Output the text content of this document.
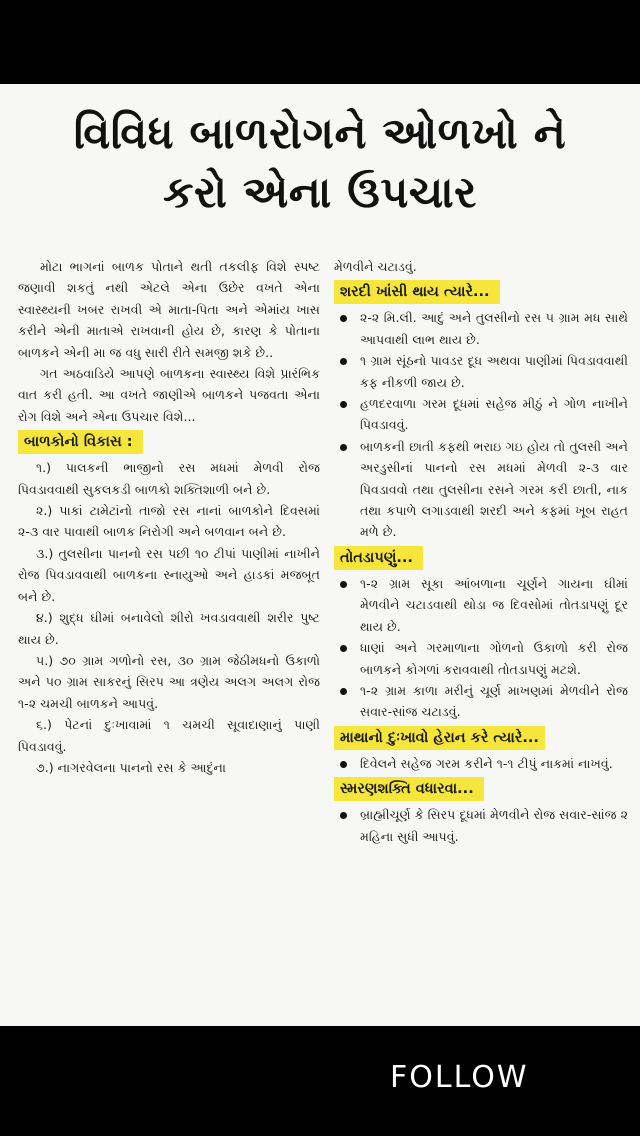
વિવિધ બાળરોગને ઓળખો ને
કરો એના ઉપચાર

મોટા ભાગનાં બાળક પોતાને થતી તકલીફ વિશે સ્પષ્ટ જણાવી શકતું નથી એટલે એના ઉછેર વખતે એના સ્વાસ્થ્યની ખબર રાખવી એ માતા-પિતા અને એમાંય ખાસ કરીને એની માતાએ રાખવાની હોય છે, કારણ કે પોતાના બાળકને એની મા જ વધુ સારી રીતે સમજી શકે છે..

ગત અઠવાડિયે આપણે બાળકના સ્વાસ્થ્ય વિશે પ્રારંભિક વાત કરી હતી. આ વખતે જાણીએ બાળકને પજવતા એના રોગ વિશે અને એના ઉપચાર વિશે...

બાળકોનો વિકાસ :

૧.) પાલકની ભાજીનો રસ મધમાં મેળવી રોજ પિવડાવવાથી સુકલકડી બાળકો શક્તિશાળી બને છે.

૨.) પાકાં ટામેટાંનો તાજો રસ નાનાં બાળકોને દિવસમાં ૨-૩ વાર પાવાથી બાળક નિરોગી અને બળવાન બને છે.

૩.) તુલસીના પાનનો રસ પછી ૧૦ ટીપાં પાણીમાં નાખીને રોજ પિવડાવવાથી બાળકના સ્નાયુઓ અને હાડકાં મજબૂત બને છે.

૪.) શુદ્ધ ઘીમાં બનાવેલો શીરો ખવડાવવાથી શરીર પુષ્ટ થાય છે.

૫.) ૭૦ ગ્રામ ગળોનો રસ, ૩૦ ગ્રામ જેઠીમધનો ઉકાળો અને ૫૦ ગ્રામ સાકરનું સિરપ આ ત્રણેય અલગ અલગ રોજ ૧-૨ ચમચી બાળકને આપવું.

૬.) પેટનાં દુઃખાવામાં ૧ ચમચી સૂવાદાણાનું પાણી પિવડાવવું.

૭.) નાગરવેલના પાનનો રસ કે આદુંના

મેળવીને ચટાડવું.

શરદી ખાંસી થાય ત્યારે...
૨-૨ મિ.લી. આદું અને તુલસીનો રસ ૫ ગ્રામ મધ સાથે આપવાથી લાભ થાય છે.
૧ ગ્રામ સૂંઠનો પાવડર દૂધ અથવા પાણીમાં પિવડાવવાથી કફ નીકળી જાય છે.
હળદરવાળા ગરમ દૂધમાં સહેજ મીઠું ને ગોળ નાખીને પિવડાવવું.
બાળકની છાતી કફથી ભરાઇ ગઇ હોય તો તુલસી અને અરડુસીનાં પાનનો રસ મધમાં મેળવી ૨-૩ વાર પિવડાવવો તથા તુલસીના રસને ગરમ કરી છાતી, નાક તથા કપાળે લગાડવાથી શરદી અને કફમાં ખૂબ રાહત મળે છે.
તોતડાપણું...
૧-૨ ગ્રામ સૂકા આંબળાના ચૂર્ણને ગાયના ઘીમાં મેળવીને ચટાડવાથી થોડા જ દિવસોમાં તોતડાપણું દૂર થાય છે.
ધાણાં અને ગરમાળાના ગોળનો ઉકાળો કરી રોજ બાળકને કોગળાં કરાવવાથી તોતડાપણું મટશે.
૧-૨ ગ્રામ કાળા મરીનું ચૂર્ણ માખણમાં મેળવીને રોજ સવાર-સાંજ ચટાડવું.
માથાનો દુઃખાવો હેરાન કરે ત્યારે...
દિવેલને સહેજ ગરમ કરીને ૧-૧ ટીપું નાકમાં નાખવું.
સ્મરણશક્તિ વધારવા...
બ્રાહ્મીચૂર્ણ કે સિરપ દૂધમાં મેળવીને રોજ સવાર-સાંજ ૨ મહિના સુધી આપવું.
FOLLOW
